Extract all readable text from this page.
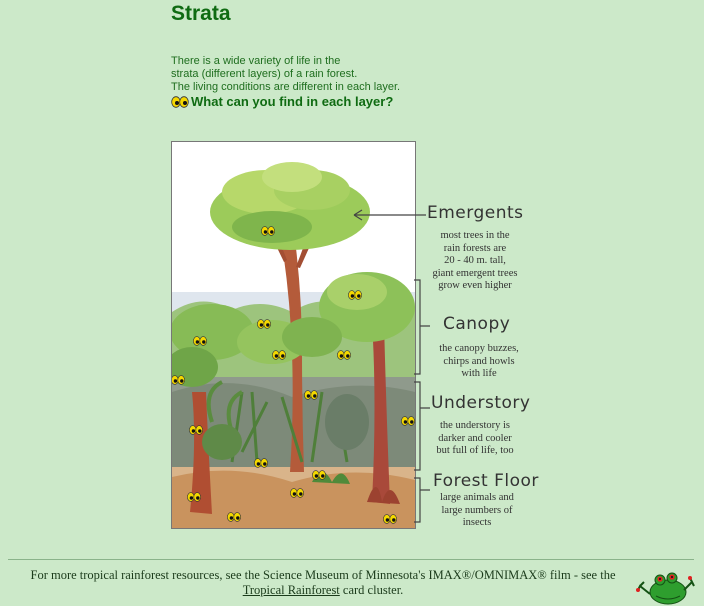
Strata
There is a wide variety of life in the
strata (different layers) of a rain forest.
The living conditions are different in each layer.
What can you find in each layer?
Emergents
most trees in the
rain forests are
20 - 40 m. tall,
giant emergent trees
grow even higher
Canopy
the canopy buzzes,
chirps and howls
with life
Understory
the understory is
darker and cooler
but full of life, too
Forest Floor
large animals and
large numbers of
insects
For more tropical rainforest resources, see the Science Museum of Minnesota's IMAX®/OMNIMAX® film - see the
Tropical Rainforest card cluster.
